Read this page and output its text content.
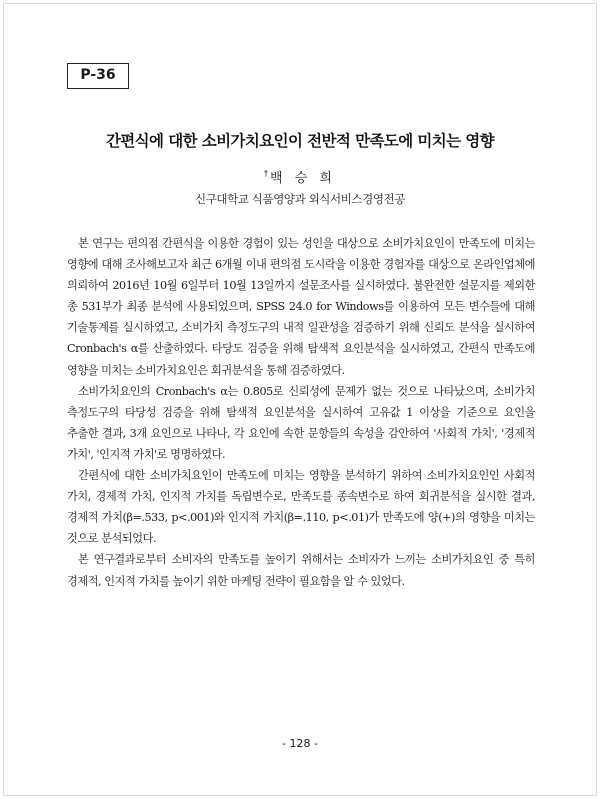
P-36
간편식에 대한 소비가치요인이 전반적 만족도에 미치는 영향
† 백 승 희
신구대학교 식품영양과 외식서비스경영전공

본 연구는 편의점 간편식을 이용한 경험이 있는 성인을 대상으로 소비가치요인이 만족도에 미치는 영향에 대해 조사해보고자 최근 6개월 이내 편의점 도시락을 이용한 경험자를 대상으로 온라인업체에 의뢰하여 2016년 10월 6일부터 10월 13일까지 설문조사를 실시하였다. 불완전한 설문지를 제외한 총 531부가 최종 분석에 사용되었으며, SPSS 24.0 for Windows를 이용하여 모든 변수들에 대해 기술통계를 실시하였고, 소비가치 측정도구의 내적 일관성을 검증하기 위해 신뢰도 분석을 실시하여 Cronbach's α를 산출하였다. 타당도 검증을 위해 탐색적 요인분석을 실시하였고, 간편식 만족도에 영향을 미치는 소비가치요인은 회귀분석을 통해 검증하였다.

소비가치요인의 Cronbach's α는 0.805로 신뢰성에 문제가 없는 것으로 나타났으며, 소비가치 측정도구의 타당성 검증을 위해 탐색적 요인분석을 실시하여 고유값 1 이상을 기준으로 요인을 추출한 결과, 3개 요인으로 나타나, 각 요인에 속한 문항들의 속성을 감안하여 '사회적 가치', '경제적 가치', '인지적 가치'로 명명하였다.

간편식에 대한 소비가치요인이 만족도에 미치는 영향을 분석하기 위하여 소비가치요인인 사회적 가치, 경제적 가치, 인지적 가치를 독립변수로, 만족도를 종속변수로 하여 회귀분석을 실시한 결과, 경제적 가치(β=.533, p<.001)와 인지적 가치(β=.110, p<.01)가 만족도에 양(+)의 영향을 미치는 것으로 분석되었다.

본 연구결과로부터 소비자의 만족도를 높이기 위해서는 소비자가 느끼는 소비가치요인 중 특히 경제적, 인지적 가치를 높이기 위한 마케팅 전략이 필요함을 알 수 있었다.

- 128 -
